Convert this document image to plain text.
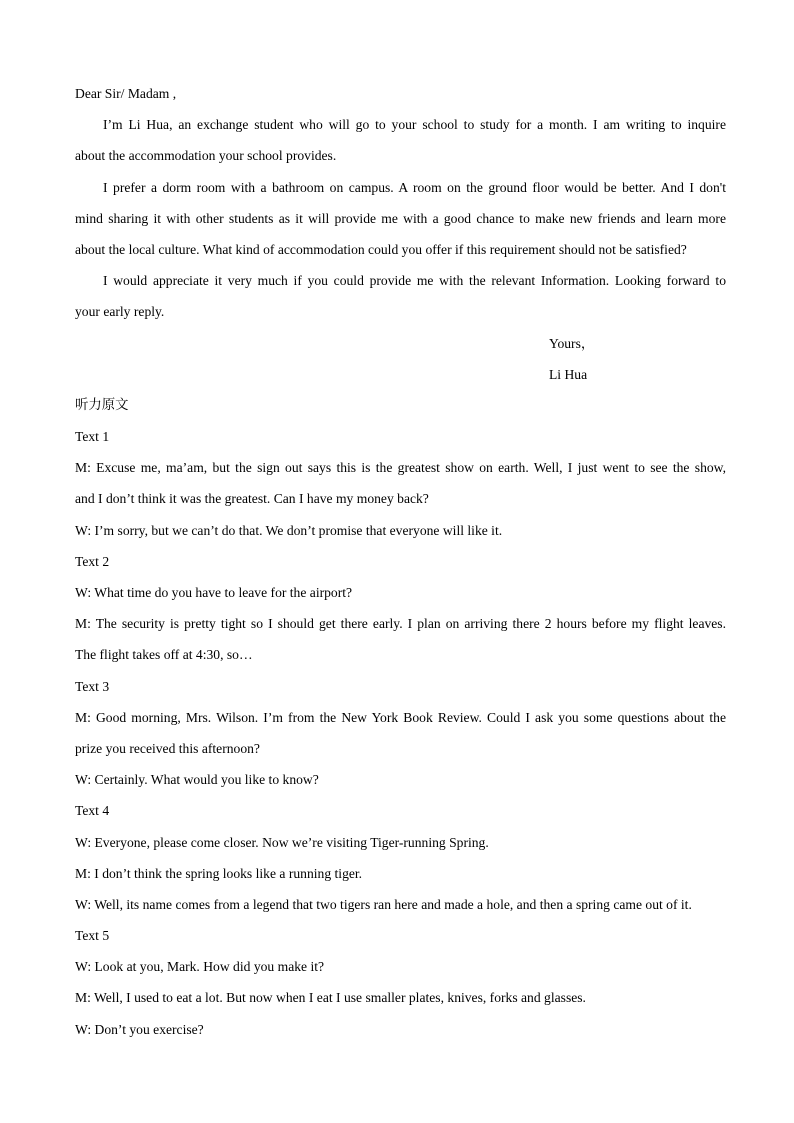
Dear Sir/ Madam ,
I’m Li Hua, an exchange student who will go to your school to study for a month. I am writing to inquire
about the accommodation your school provides.
I prefer a dorm room with a bathroom on campus. A room on the ground floor would be better. And I don't
mind sharing it with other students as it will provide me with a good chance to make new friends and learn more
about the local culture. What kind of accommodation could you offer if this requirement should not be satisfied?
I would appreciate it very much if you could provide me with the relevant Information. Looking forward to
your early reply.
Yours，
Li Hua
听力原文
Text 1
M: Excuse me, ma’am, but the sign out says this is the greatest show on earth. Well, I just went to see the show,
and I don’t think it was the greatest. Can I have my money back?
W: I’m sorry, but we can’t do that. We don’t promise that everyone will like it.
Text 2
W: What time do you have to leave for the airport?
M: The security is pretty tight so I should get there early. I plan on arriving there 2 hours before my flight leaves.
The flight takes off at 4:30, so…
Text 3
M: Good morning, Mrs. Wilson. I’m from the New York Book Review. Could I ask you some questions about the
prize you received this afternoon?
W: Certainly. What would you like to know?
Text 4
W: Everyone, please come closer. Now we’re visiting Tiger-running Spring.
M: I don’t think the spring looks like a running tiger.
W: Well, its name comes from a legend that two tigers ran here and made a hole, and then a spring came out of it.
Text 5
W: Look at you, Mark. How did you make it?
M: Well, I used to eat a lot. But now when I eat I use smaller plates, knives, forks and glasses.
W: Don’t you exercise?
